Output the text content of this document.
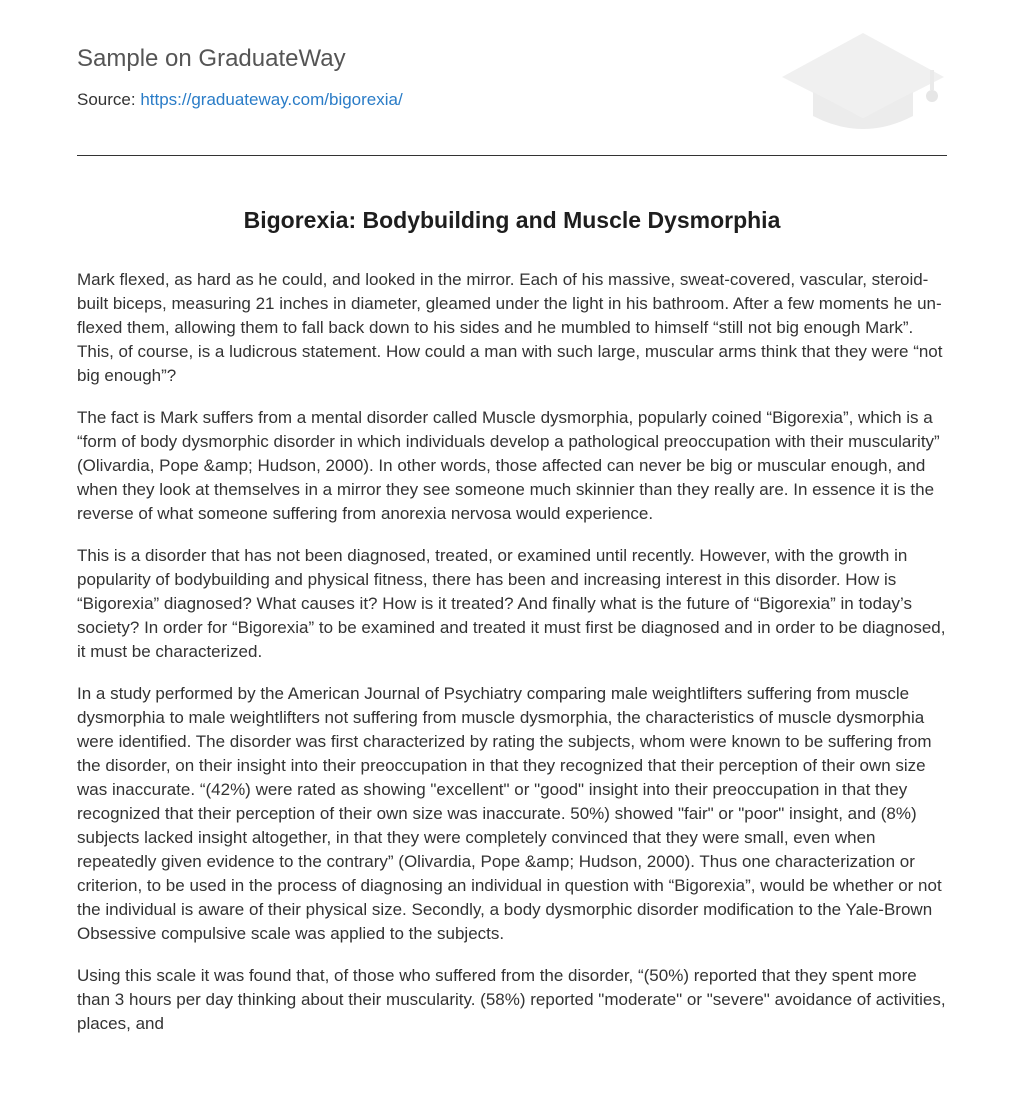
Sample on GraduateWay
Source: https://graduateway.com/bigorexia/
Bigorexia: Bodybuilding and Muscle Dysmorphia

Mark flexed, as hard as he could, and looked in the mirror. Each of his massive, sweat-covered, vascular, steroid-built biceps, measuring 21 inches in diameter, gleamed under the light in his bathroom. After a few moments he un-flexed them, allowing them to fall back down to his sides and he mumbled to himself “still not big enough Mark”. This, of course, is a ludicrous statement. How could a man with such large, muscular arms think that they were “not big enough”?

The fact is Mark suffers from a mental disorder called Muscle dysmorphia, popularly coined “Bigorexia”, which is a “form of body dysmorphic disorder in which individuals develop a pathological preoccupation with their muscularity” (Olivardia, Pope &amp; Hudson, 2000). In other words, those affected can never be big or muscular enough, and when they look at themselves in a mirror they see someone much skinnier than they really are. In essence it is the reverse of what someone suffering from anorexia nervosa would experience.

This is a disorder that has not been diagnosed, treated, or examined until recently. However, with the growth in popularity of bodybuilding and physical fitness, there has been and increasing interest in this disorder. How is “Bigorexia” diagnosed? What causes it? How is it treated? And finally what is the future of “Bigorexia” in today’s society? In order for “Bigorexia” to be examined and treated it must first be diagnosed and in order to be diagnosed, it must be characterized.

In a study performed by the American Journal of Psychiatry comparing male weightlifters suffering from muscle dysmorphia to male weightlifters not suffering from muscle dysmorphia, the characteristics of muscle dysmorphia were identified. The disorder was first characterized by rating the subjects, whom were known to be suffering from the disorder, on their insight into their preoccupation in that they recognized that their perception of their own size was inaccurate. “(42%) were rated as showing "excellent" or "good" insight into their preoccupation in that they recognized that their perception of their own size was inaccurate. 50%) showed "fair" or "poor" insight, and (8%) subjects lacked insight altogether, in that they were completely convinced that they were small, even when repeatedly given evidence to the contrary” (Olivardia, Pope &amp; Hudson, 2000). Thus one characterization or criterion, to be used in the process of diagnosing an individual in question with “Bigorexia”, would be whether or not the individual is aware of their physical size. Secondly, a body dysmorphic disorder modification to the Yale-Brown Obsessive compulsive scale was applied to the subjects.

Using this scale it was found that, of those who suffered from the disorder, “(50%) reported that they spent more than 3 hours per day thinking about their muscularity. (58%) reported "moderate" or "severe" avoidance of activities, places, and
